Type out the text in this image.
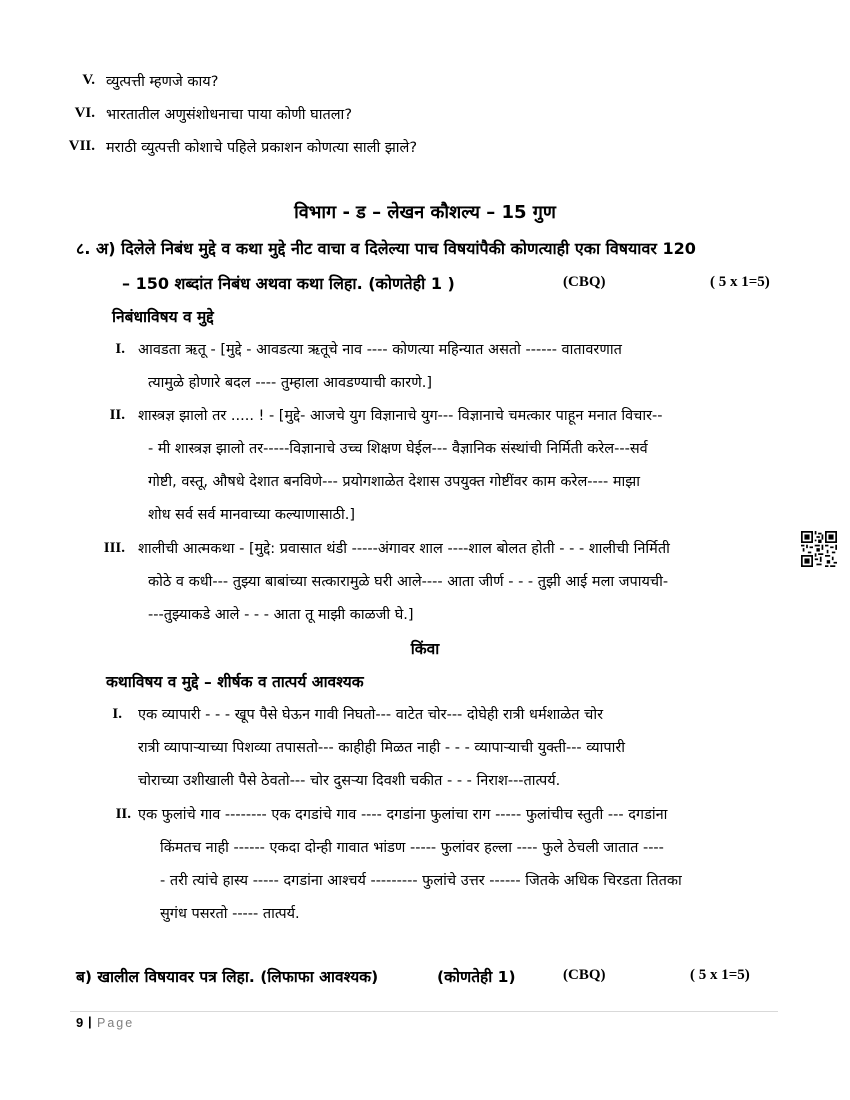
V. व्युत्पत्ती म्हणजे काय?
VI. भारतातील अणुसंशोधनाचा पाया कोणी घातला?
VII. मराठी व्युत्पत्ती कोशाचे पहिले प्रकाशन कोणत्या साली झाले?
विभाग - ड – लेखन कौशल्य – 15 गुण
८. अ) दिलेले निबंध मुद्दे व कथा मुद्दे नीट वाचा व दिलेल्या पाच विषयांपैकी कोणत्याही एका विषयावर 120
– 150 शब्दांत निबंध अथवा कथा लिहा. (कोणतेही 1 )	(CBQ)	( 5 x 1=5)
निबंधाविषय व मुद्दे
I. आवडता ऋतू - [मुद्दे - आवडत्या ऋतूचे नाव ---- कोणत्या महिन्यात असतो ------ वातावरणात
त्यामुळे होणारे बदल ---- तुम्हाला आवडण्याची कारणे.]
II. शास्त्रज्ञ झालो तर ..... ! - [मुद्दे- आजचे युग विज्ञानाचे युग--- विज्ञानाचे चमत्कार पाहून मनात विचार--
- मी शास्त्रज्ञ झालो तर-----विज्ञानाचे उच्च शिक्षण घेईल--- वैज्ञानिक संस्थांची निर्मिती करेल---सर्व
गोष्टी, वस्तू, औषधे देशात बनविणे--- प्रयोगशाळेत देशास उपयुक्त गोष्टींवर काम करेल---- माझा
शोध सर्व सर्व मानवाच्या कल्याणासाठी.]
III. शालीची आत्मकथा - [मुद्दे: प्रवासात थंडी -----अंगावर शाल ----शाल बोलत होती - - - शालीची निर्मिती
कोठे व कधी--- तुझ्या बाबांच्या सत्कारामुळे घरी आले---- आता जीर्ण - - - तुझी आई मला जपायची-
---तुझ्याकडे आले - - - आता तू माझी काळजी घे.]
किंवा
कथाविषय व मुद्दे – शीर्षक व तात्पर्य आवश्यक
I. एक व्यापारी - - - खूप पैसे घेऊन गावी निघतो--- वाटेत चोर--- दोघेही रात्री धर्मशाळेत चोर
रात्री व्यापाऱ्याच्या पिशव्या तपासतो--- काहीही मिळत नाही - - - व्यापाऱ्याची युक्ती--- व्यापारी
चोराच्या उशीखाली पैसे ठेवतो--- चोर दुसऱ्या दिवशी चकीत - - - निराश---तात्पर्य.
II. एक फुलांचे गाव -------- एक दगडांचे गाव ---- दगडांना फुलांचा राग ----- फुलांचीच स्तुती --- दगडांना
किंमतच नाही ------ एकदा दोन्ही गावात भांडण ----- फुलांवर हल्ला ---- फुले ठेचली जातात ----
- तरी त्यांचे हास्य ----- दगडांना आश्चर्य --------- फुलांचे उत्तर ------ जितके अधिक चिरडता तितका
सुगंध पसरतो ----- तात्पर्य.
ब) खालील विषयावर पत्र लिहा. (लिफाफा आवश्यक)	(कोणतेही 1)	(CBQ)	( 5 x 1=5)
9 | Page
